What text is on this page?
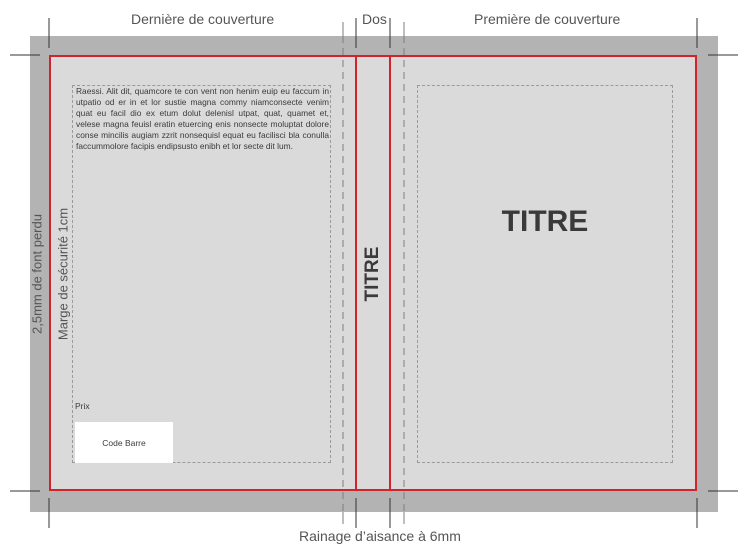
Dernière de couverture	Dos	Première de couverture

Raessi. Alit dit, quamcore te con vent non henim euip eu faccum in utpatio od er in et lor sustie magna commy niamconsecte venim quat eu facil dio ex etum dolut delenisl utpat, quat, quamet et, velese magna feuisl eratin etuercing enis nonsecte moluptat dolore conse mincilis augiam zzrit nonsequisl equat eu facilisci bla conulla faccummolore facipis endipsusto enibh et lor secte dit lum.

Prix
Code Barre
TITRE
TITRE
2,5mm de font perdu Marge de sécurité 1cm
Rainage d’aisance à 6mm
